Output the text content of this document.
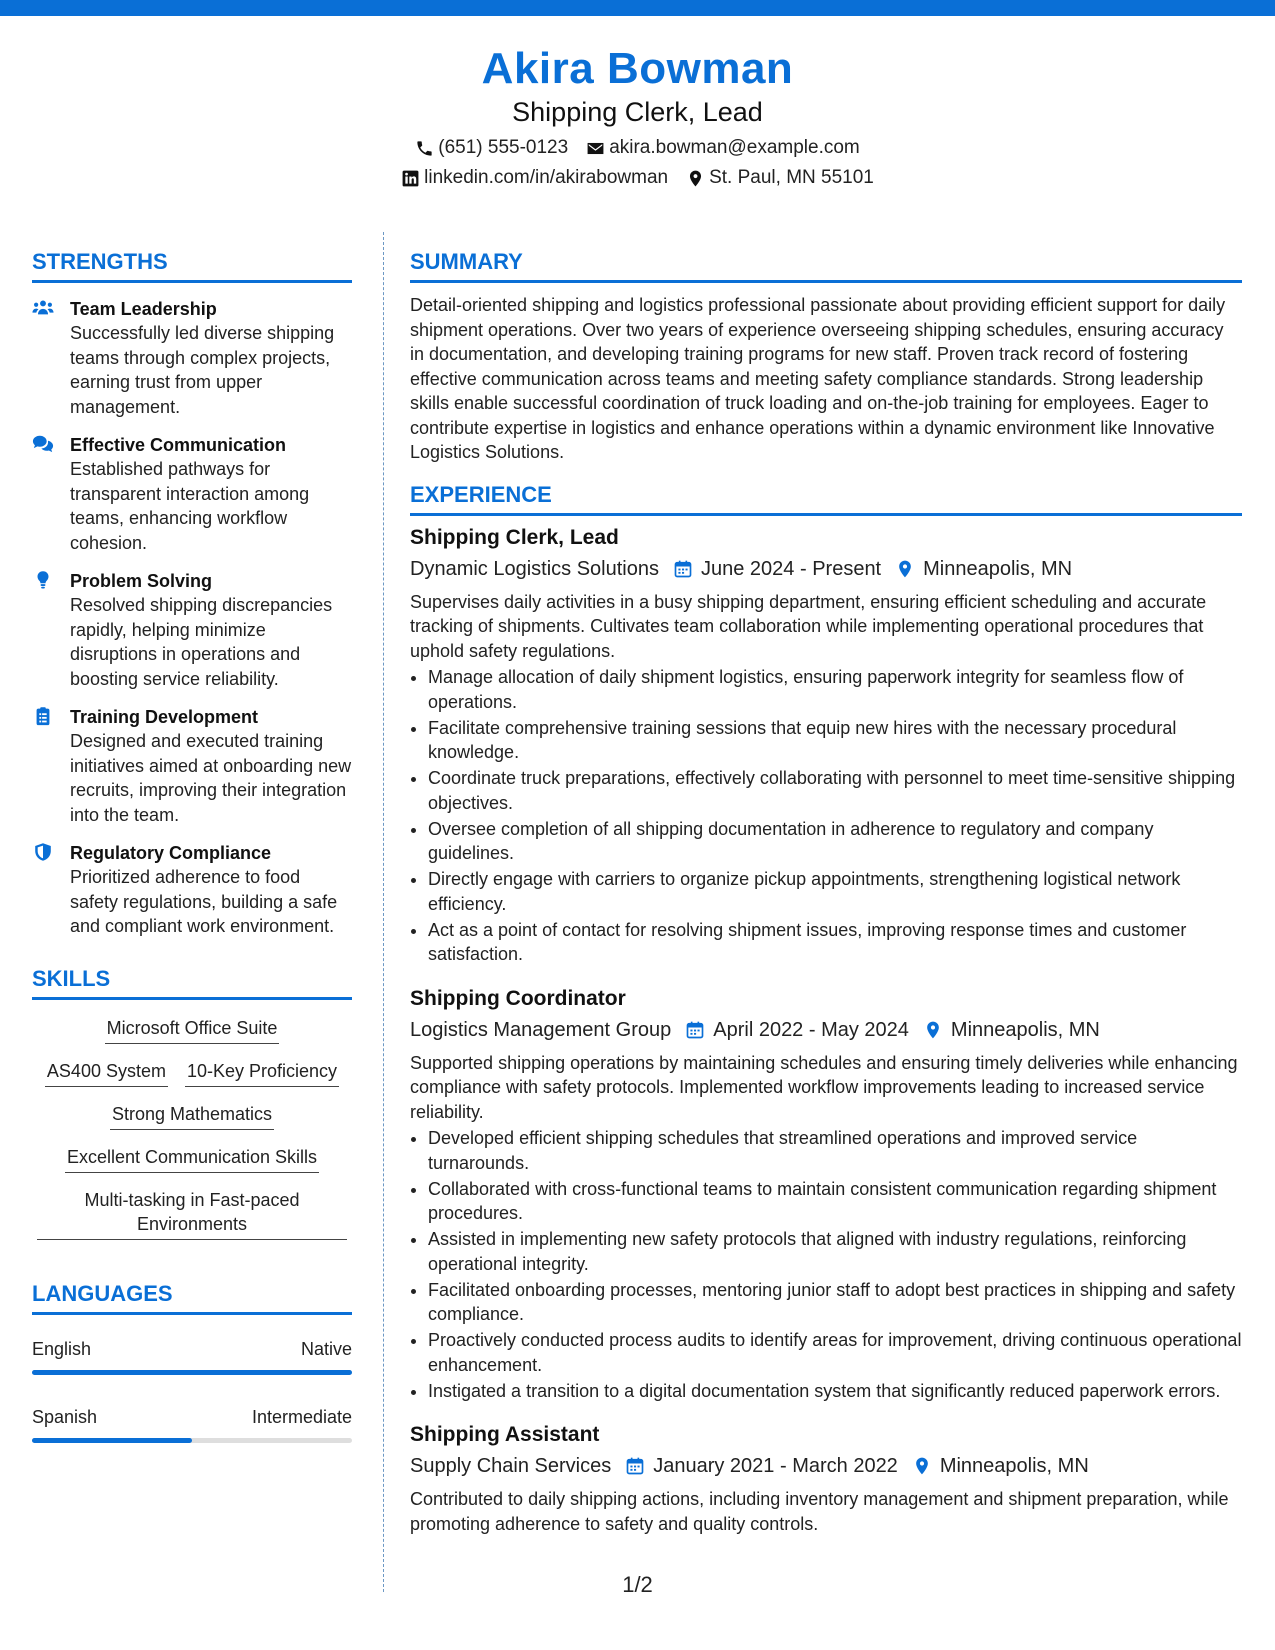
Akira Bowman
Shipping Clerk, Lead
(651) 555-0123 akira.bowman@example.com
linkedin.com/in/akirabowman St. Paul, MN 55101
STRENGTHS
Team Leadership
Successfully led diverse shipping teams through complex projects, earning trust from upper management.
Effective Communication
Established pathways for transparent interaction among teams, enhancing workflow cohesion.
Problem Solving
Resolved shipping discrepancies rapidly, helping minimize disruptions in operations and boosting service reliability.
Training Development
Designed and executed training initiatives aimed at onboarding new recruits, improving their integration into the team.
Regulatory Compliance
Prioritized adherence to food safety regulations, building a safe and compliant work environment.
SKILLS
Microsoft Office Suite
AS400 System 10-Key Proficiency
Strong Mathematics
Excellent Communication Skills
Multi-tasking in Fast-paced Environments
LANGUAGES
English	Native
Spanish	Intermediate
SUMMARY
Detail-oriented shipping and logistics professional passionate about providing efficient support for daily shipment operations. Over two years of experience overseeing shipping schedules, ensuring accuracy in documentation, and developing training programs for new staff. Proven track record of fostering effective communication across teams and meeting safety compliance standards. Strong leadership skills enable successful coordination of truck loading and on-the-job training for employees. Eager to contribute expertise in logistics and enhance operations within a dynamic environment like Innovative Logistics Solutions.
EXPERIENCE
Shipping Clerk, Lead
Dynamic Logistics Solutions June 2024 - Present Minneapolis, MN
Supervises daily activities in a busy shipping department, ensuring efficient scheduling and accurate tracking of shipments. Cultivates team collaboration while implementing operational procedures that uphold safety regulations.
• Manage allocation of daily shipment logistics, ensuring paperwork integrity for seamless flow of operations.
• Facilitate comprehensive training sessions that equip new hires with the necessary procedural knowledge.
• Coordinate truck preparations, effectively collaborating with personnel to meet time-sensitive shipping objectives.
• Oversee completion of all shipping documentation in adherence to regulatory and company guidelines.
• Directly engage with carriers to organize pickup appointments, strengthening logistical network efficiency.
• Act as a point of contact for resolving shipment issues, improving response times and customer satisfaction.
Shipping Coordinator
Logistics Management Group April 2022 - May 2024 Minneapolis, MN
Supported shipping operations by maintaining schedules and ensuring timely deliveries while enhancing compliance with safety protocols. Implemented workflow improvements leading to increased service reliability.
• Developed efficient shipping schedules that streamlined operations and improved service turnarounds.
• Collaborated with cross-functional teams to maintain consistent communication regarding shipment procedures.
• Assisted in implementing new safety protocols that aligned with industry regulations, reinforcing operational integrity.
• Facilitated onboarding processes, mentoring junior staff to adopt best practices in shipping and safety compliance.
• Proactively conducted process audits to identify areas for improvement, driving continuous operational enhancement.
• Instigated a transition to a digital documentation system that significantly reduced paperwork errors.
Shipping Assistant
Supply Chain Services January 2021 - March 2022 Minneapolis, MN
Contributed to daily shipping actions, including inventory management and shipment preparation, while promoting adherence to safety and quality controls.
1/2
